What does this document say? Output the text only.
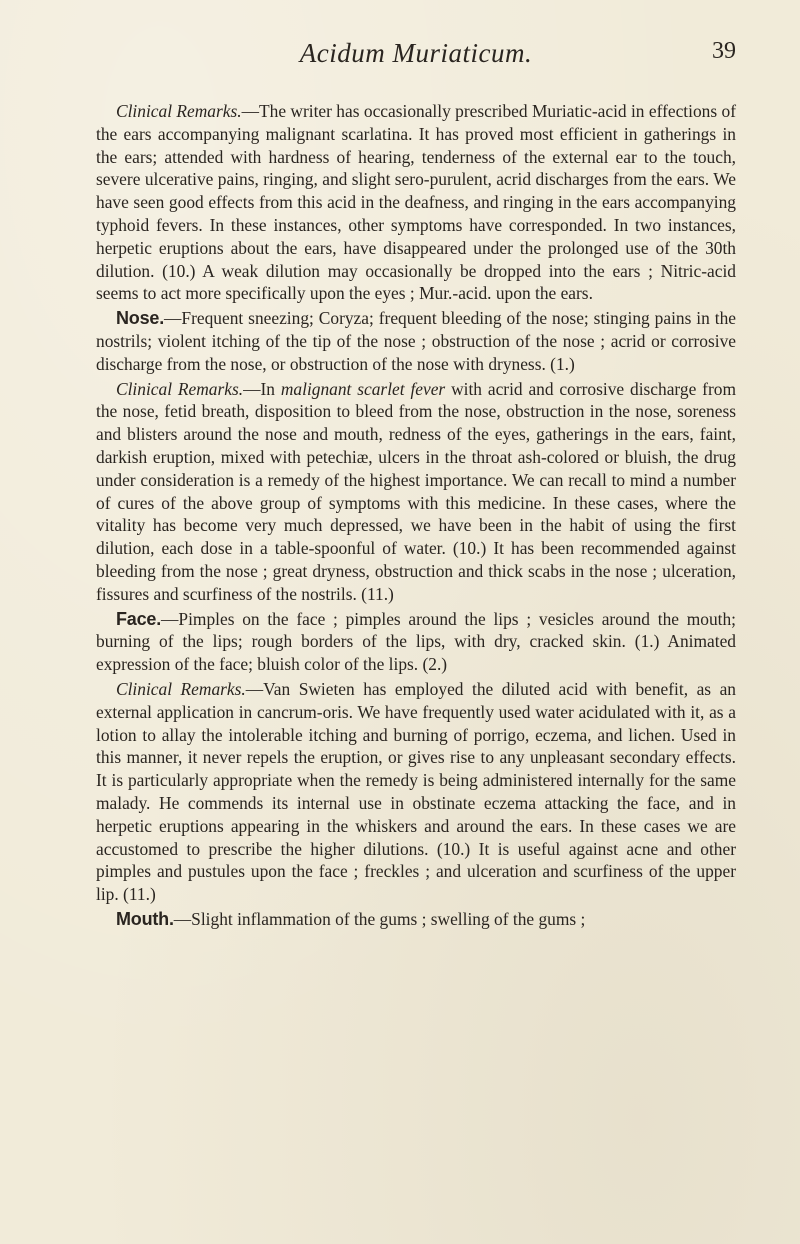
Acidum Muriaticum.	39

Clinical Remarks.—The writer has occasionally prescribed Muriatic-acid in effections of the ears accompanying malignant scarlatina. It has proved most efficient in gatherings in the ears; attended with hardness of hearing, tenderness of the external ear to the touch, severe ulcerative pains, ringing, and slight sero-purulent, acrid discharges from the ears. We have seen good effects from this acid in the deafness, and ringing in the ears accompanying typhoid fevers. In these instances, other symptoms have corresponded. In two instances, herpetic eruptions about the ears, have disappeared under the prolonged use of the 30th dilution. (10.) A weak dilution may occasionally be dropped into the ears ; Nitric-acid seems to act more specifically upon the eyes ; Mur.-acid. upon the ears.

Nose.—Frequent sneezing; Coryza; frequent bleeding of the nose; stinging pains in the nostrils; violent itching of the tip of the nose ; obstruction of the nose ; acrid or corrosive discharge from the nose, or obstruction of the nose with dryness. (1.)

Clinical Remarks.—In malignant scarlet fever with acrid and corrosive discharge from the nose, fetid breath, disposition to bleed from the nose, obstruction in the nose, soreness and blisters around the nose and mouth, redness of the eyes, gatherings in the ears, faint, darkish eruption, mixed with petechiæ, ulcers in the throat ash-colored or bluish, the drug under consideration is a remedy of the highest importance. We can recall to mind a number of cures of the above group of symptoms with this medicine. In these cases, where the vitality has become very much depressed, we have been in the habit of using the first dilution, each dose in a table-spoonful of water. (10.) It has been recommended against bleeding from the nose ; great dryness, obstruction and thick scabs in the nose ; ulceration, fissures and scurfiness of the nostrils. (11.)

Face.—Pimples on the face ; pimples around the lips ; vesicles around the mouth; burning of the lips; rough borders of the lips, with dry, cracked skin. (1.) Animated expression of the face; bluish color of the lips. (2.)

Clinical Remarks.—Van Swieten has employed the diluted acid with benefit, as an external application in cancrum-oris. We have frequently used water acidulated with it, as a lotion to allay the intolerable itching and burning of porrigo, eczema, and lichen. Used in this manner, it never repels the eruption, or gives rise to any unpleasant secondary effects. It is particularly appropriate when the remedy is being administered internally for the same malady. He commends its internal use in obstinate eczema attacking the face, and in herpetic eruptions appearing in the whiskers and around the ears. In these cases we are accustomed to prescribe the higher dilutions. (10.) It is useful against acne and other pimples and pustules upon the face ; freckles ; and ulceration and scurfiness of the upper lip. (11.)

Mouth.—Slight inflammation of the gums ; swelling of the gums ;
